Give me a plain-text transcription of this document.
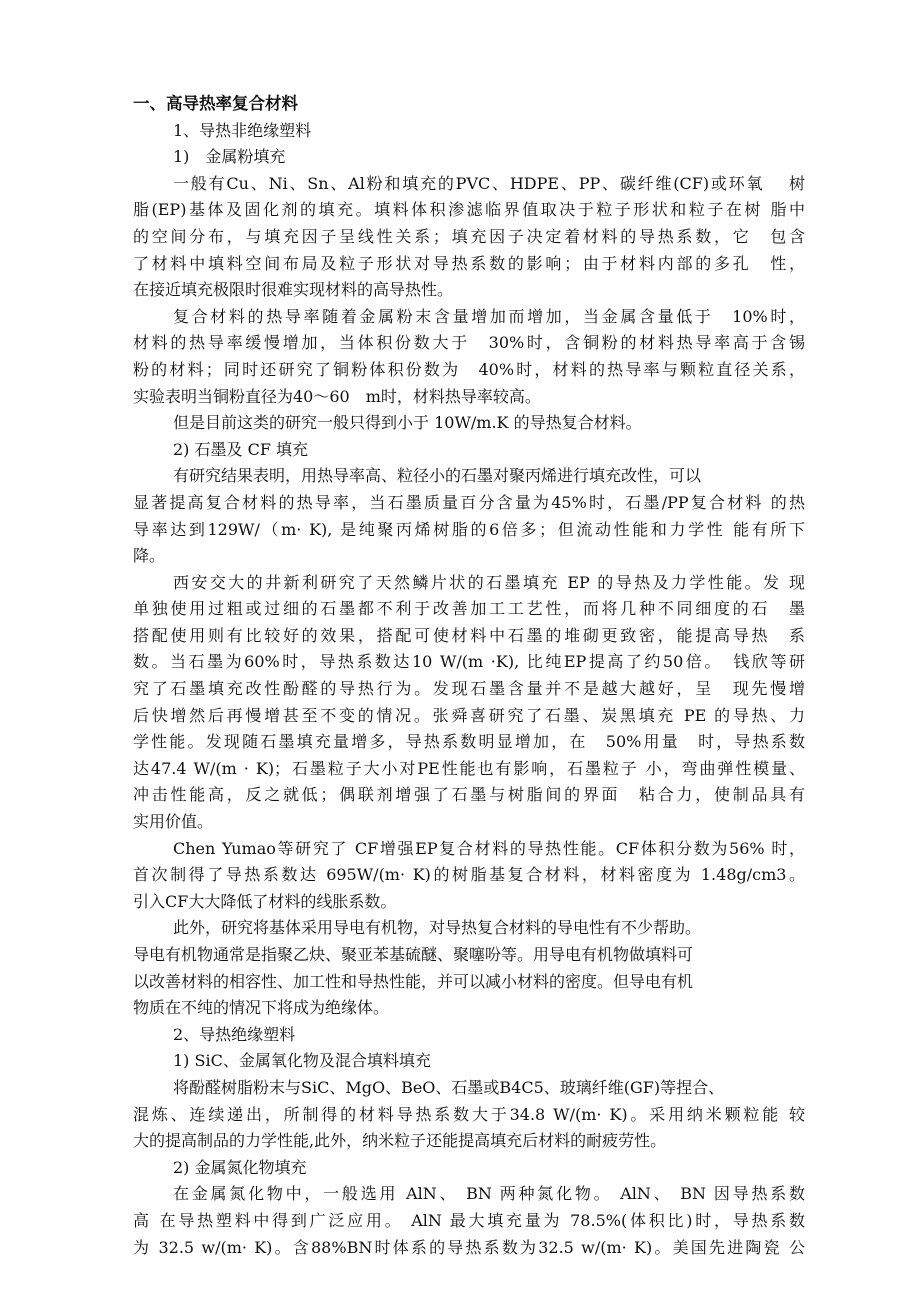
一、高导热率复合材料
1、导热非绝缘塑料
1)　金属粉填充
一般有Cu、Ni、Sn、Al粉和填充的PVC、HDPE、PP、碳纤维(CF)或环氧　 树
脂(EP)基体及固化剂的填充。填料体积渗滤临界值取决于粒子形状和粒子在树 脂中
的空间分布，与填充因子呈线性关系；填充因子决定着材料的导热系数，它　包含
了材料中填料空间布局及粒子形状对导热系数的影响；由于材料内部的多孔　性，
在接近填充极限时很难实现材料的高导热性。
复合材料的热导率随着金属粉末含量增加而增加，当金属含量低于　10%时，
材料的热导率缓慢增加，当体积份数大于　30%时，含铜粉的材料热导率高于含锡
粉的材料；同时还研究了铜粉体积份数为　40%时，材料的热导率与颗粒直径关系，
实验表明当铜粉直径为40〜60　m时，材料热导率较高。
但是目前这类的研究一般只得到小于 10W/m.K 的导热复合材料。
2) 石墨及 CF 填充
有研究结果表明，用热导率高、粒径小的石墨对聚丙烯进行填充改性，可以
显著提高复合材料的热导率，当石墨质量百分含量为45%时，石墨/PP复合材料 的热
导率达到129W/（m· K), 是纯聚丙烯树脂的6倍多；但流动性能和力学性 能有所下
降。
西安交大的井新利研究了天然鳞片状的石墨填充 EP 的导热及力学性能。发 现
单独使用过粗或过细的石墨都不利于改善加工工艺性，而将几种不同细度的石　墨
搭配使用则有比较好的效果，搭配可使材料中石墨的堆砌更致密，能提高导热　系
数。当石墨为60%时，导热系数达10 W/(m ·K), 比纯EP提高了约50倍。　钱欣等研
究了石墨填充改性酚醛的导热行为。发现石墨含量并不是越大越好，呈　现先慢增
后快增然后再慢增甚至不变的情况。张舜喜研究了石墨、炭黑填充 PE 的导热、力
学性能。发现随石墨填充量增多，导热系数明显增加，在　50%用量　时，导热系数
达47.4 W/(m · K)；石墨粒子大小对PE性能也有影响，石墨粒子 小，弯曲弹性模量、
冲击性能高，反之就低；偶联剂增强了石墨与树脂间的界面　粘合力，使制品具有
实用价值。
Chen Yumao等研究了 CF增强EP复合材料的导热性能。CF体积分数为56% 时，
首次制得了导热系数达 695W/(m· K)的树脂基复合材料，材料密度为 1.48g/cm3。
引入CF大大降低了材料的线胀系数。
此外，研究将基体采用导电有机物，对导热复合材料的导电性有不少帮助。
导电有机物通常是指聚乙炔、聚亚苯基硫醚、聚噻吩等。用导电有机物做填料可
以改善材料的相容性、加工性和导热性能，并可以减小材料的密度。但导电有机
物质在不纯的情况下将成为绝缘体。
2、导热绝缘塑料
1) SiC、金属氧化物及混合填料填充
将酚醛树脂粉末与SiC、MgO、BeO、石墨或B4C5、玻璃纤维(GF)等捏合、
混炼、连续递出，所制得的材料导热系数大于34.8 W/(m· K)。采用纳米颗粒能 较
大的提高制品的力学性能,此外，纳米粒子还能提高填充后材料的耐疲劳性。
2) 金属氮化物填充
在金属氮化物中，一般选用 AlN、 BN 两种氮化物。 AlN、 BN 因导热系数
高 在导热塑料中得到广泛应用。 AlN 最大填充量为 78.5%(体积比)时，导热系数
为 32.5 w/(m· K)。含88%BN时体系的导热系数为32.5 w/(m· K)。美国先进陶瓷 公
